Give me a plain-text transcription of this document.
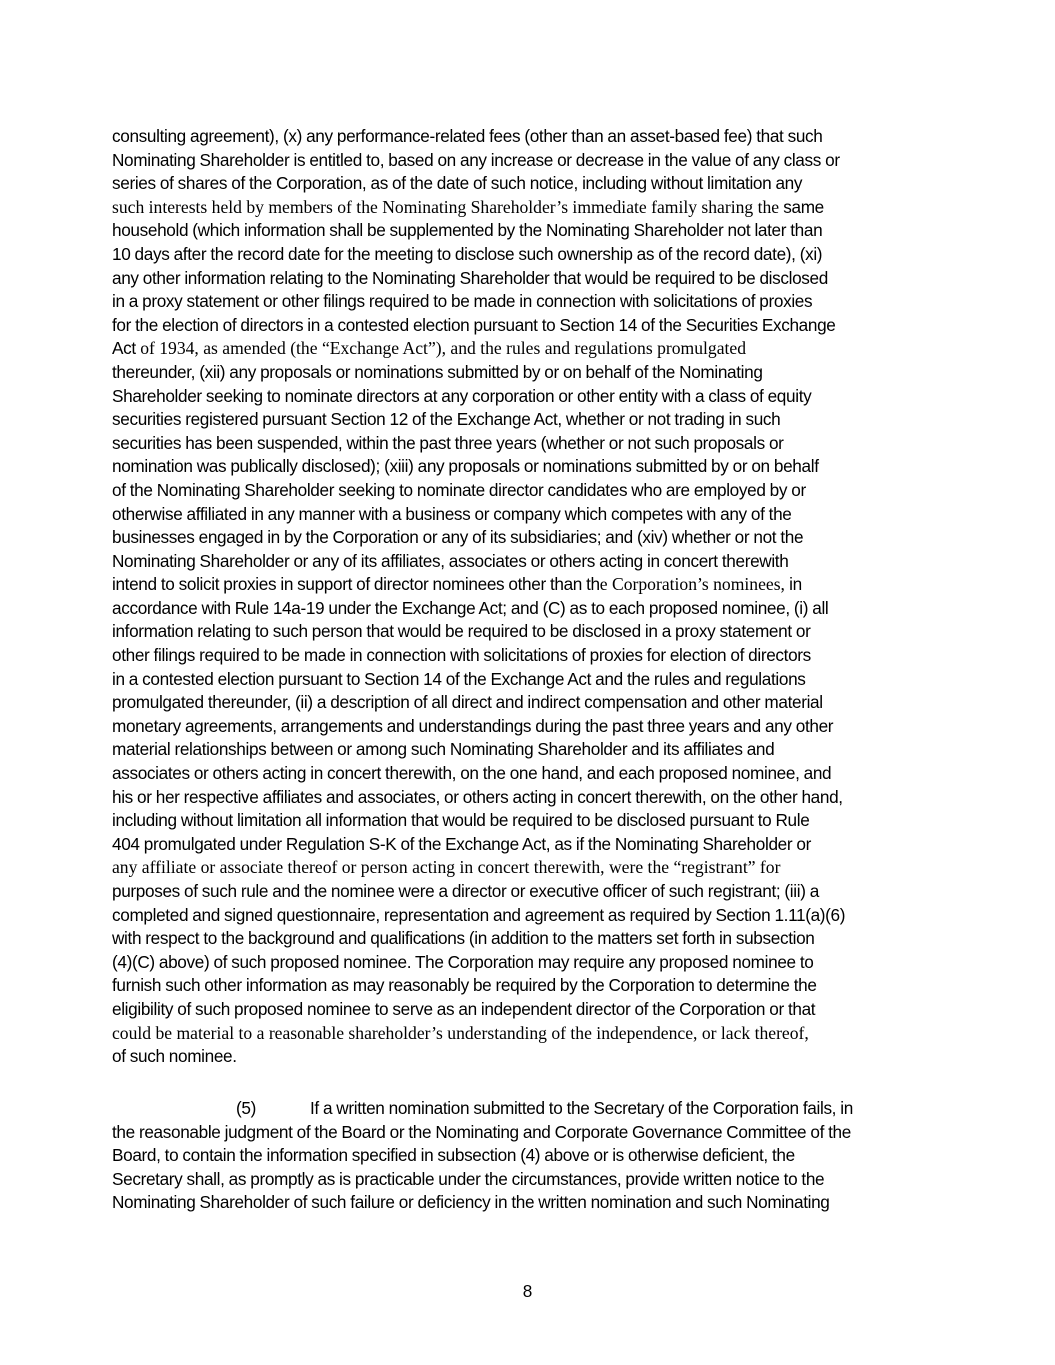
consulting agreement), (x) any performance-related fees (other than an asset-based fee) that such
Nominating Shareholder is entitled to, based on any increase or decrease in the value of any class or
series of shares of the Corporation, as of the date of such notice, including without limitation any
such interests held by members of the Nominating Shareholder’s immediate family sharing the same
household (which information shall be supplemented by the Nominating Shareholder not later than
10 days after the record date for the meeting to disclose such ownership as of the record date), (xi)
any other information relating to the Nominating Shareholder that would be required to be disclosed
in a proxy statement or other filings required to be made in connection with solicitations of proxies
for the election of directors in a contested election pursuant to Section 14 of the Securities Exchange
Act of 1934, as amended (the “Exchange Act”), and the rules and regulations promulgated
thereunder, (xii) any proposals or nominations submitted by or on behalf of the Nominating
Shareholder seeking to nominate directors at any corporation or other entity with a class of equity
securities registered pursuant Section 12 of the Exchange Act, whether or not trading in such
securities has been suspended, within the past three years (whether or not such proposals or
nomination was publically disclosed); (xiii) any proposals or nominations submitted by or on behalf
of the Nominating Shareholder seeking to nominate director candidates who are employed by or
otherwise affiliated in any manner with a business or company which competes with any of the
businesses engaged in by the Corporation or any of its subsidiaries; and (xiv) whether or not the
Nominating Shareholder or any of its affiliates, associates or others acting in concert therewith
intend to solicit proxies in support of director nominees other than the Corporation’s nominees, in
accordance with Rule 14a-19 under the Exchange Act; and (C) as to each proposed nominee, (i) all
information relating to such person that would be required to be disclosed in a proxy statement or
other filings required to be made in connection with solicitations of proxies for election of directors
in a contested election pursuant to Section 14 of the Exchange Act and the rules and regulations
promulgated thereunder, (ii) a description of all direct and indirect compensation and other material
monetary agreements, arrangements and understandings during the past three years and any other
material relationships between or among such Nominating Shareholder and its affiliates and
associates or others acting in concert therewith, on the one hand, and each proposed nominee, and
his or her respective affiliates and associates, or others acting in concert therewith, on the other hand,
including without limitation all information that would be required to be disclosed pursuant to Rule
404 promulgated under Regulation S-K of the Exchange Act, as if the Nominating Shareholder or
any affiliate or associate thereof or person acting in concert therewith, were the “registrant” for
purposes of such rule and the nominee were a director or executive officer of such registrant; (iii) a
completed and signed questionnaire, representation and agreement as required by Section 1.11(a)(6)
with respect to the background and qualifications (in addition to the matters set forth in subsection
(4)(C) above) of such proposed nominee. The Corporation may require any proposed nominee to
furnish such other information as may reasonably be required by the Corporation to determine the
eligibility of such proposed nominee to serve as an independent director of the Corporation or that
could be material to a reasonable shareholder’s understanding of the independence, or lack thereof,
of such nominee.
(5)	If a written nomination submitted to the Secretary of the Corporation fails, in
the reasonable judgment of the Board or the Nominating and Corporate Governance Committee of the
Board, to contain the information specified in subsection (4) above or is otherwise deficient, the
Secretary shall, as promptly as is practicable under the circumstances, provide written notice to the
Nominating Shareholder of such failure or deficiency in the written nomination and such Nominating
8
